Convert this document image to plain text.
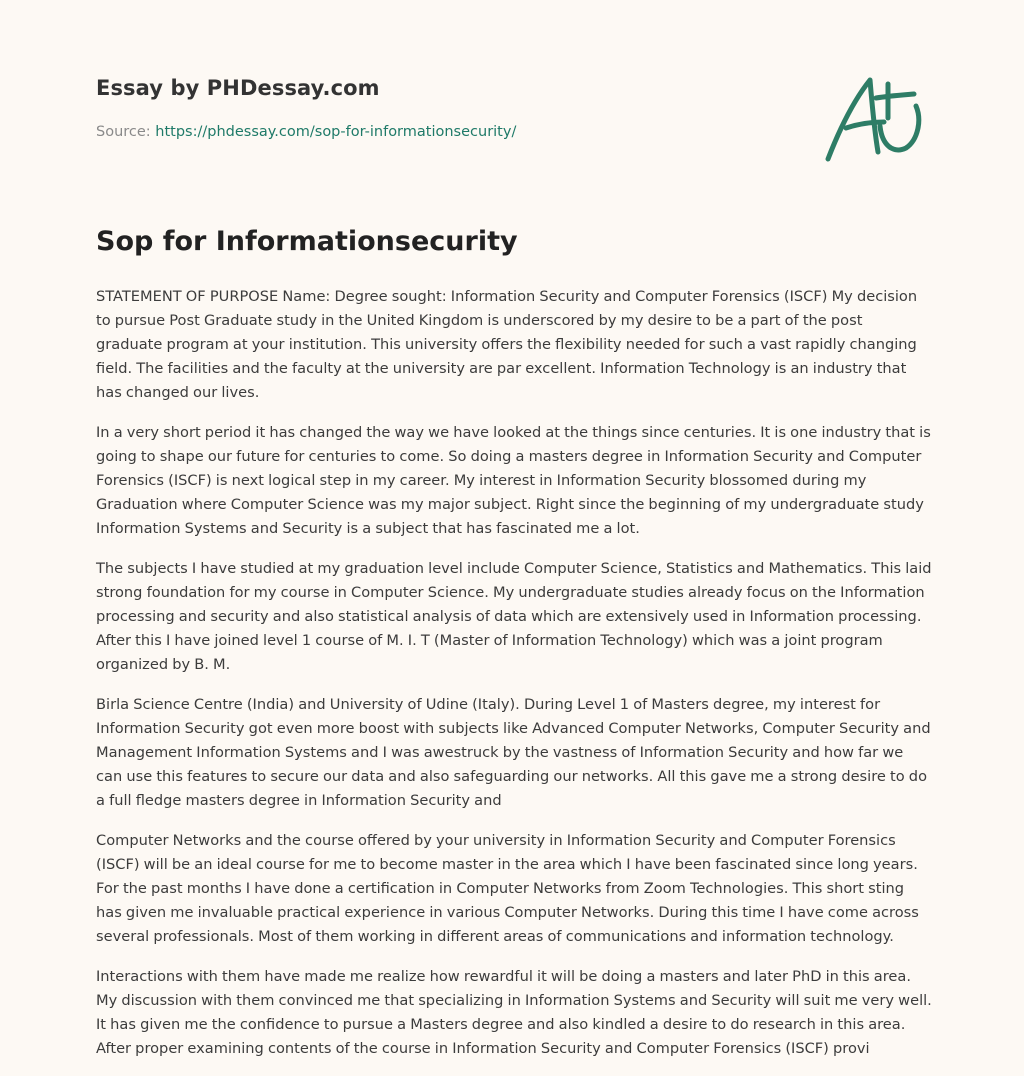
Essay by PHDessay.com
Source: https://phdessay.com/sop-for-informationsecurity/
Sop for Informationsecurity

STATEMENT OF PURPOSE Name: Degree sought: Information Security and Computer Forensics (ISCF) My decision to pursue Post Graduate study in the United Kingdom is underscored by my desire to be a part of the post graduate program at your institution. This university offers the flexibility needed for such a vast rapidly changing field. The facilities and the faculty at the university are par excellent. Information Technology is an industry that has changed our lives.

In a very short period it has changed the way we have looked at the things since centuries. It is one industry that is going to shape our future for centuries to come. So doing a masters degree in Information Security and Computer Forensics (ISCF) is next logical step in my career. My interest in Information Security blossomed during my Graduation where Computer Science was my major subject. Right since the beginning of my undergraduate study Information Systems and Security is a subject that has fascinated me a lot.

The subjects I have studied at my graduation level include Computer Science, Statistics and Mathematics. This laid strong foundation for my course in Computer Science. My undergraduate studies already focus on the Information processing and security and also statistical analysis of data which are extensively used in Information processing. After this I have joined level 1 course of M. I. T (Master of Information Technology) which was a joint program organized by B. M.

Birla Science Centre (India) and University of Udine (Italy). During Level 1 of Masters degree, my interest for Information Security got even more boost with subjects like Advanced Computer Networks, Computer Security and Management Information Systems and I was awestruck by the vastness of Information Security and how far we can use this features to secure our data and also safeguarding our networks. All this gave me a strong desire to do a full fledge masters degree in Information Security and

Computer Networks and the course offered by your university in Information Security and Computer Forensics (ISCF) will be an ideal course for me to become master in the area which I have been fascinated since long years. For the past months I have done a certification in Computer Networks from Zoom Technologies. This short sting has given me invaluable practical experience in various Computer Networks. During this time I have come across several professionals. Most of them working in different areas of communications and information technology.

Interactions with them have made me realize how rewardful it will be doing a masters and later PhD in this area. My discussion with them convinced me that specializing in Information Systems and Security will suit me very well. It has given me the confidence to pursue a Masters degree and also kindled a desire to do research in this area. After proper examining contents of the course in Information Security and Computer Forensics (ISCF) provi
